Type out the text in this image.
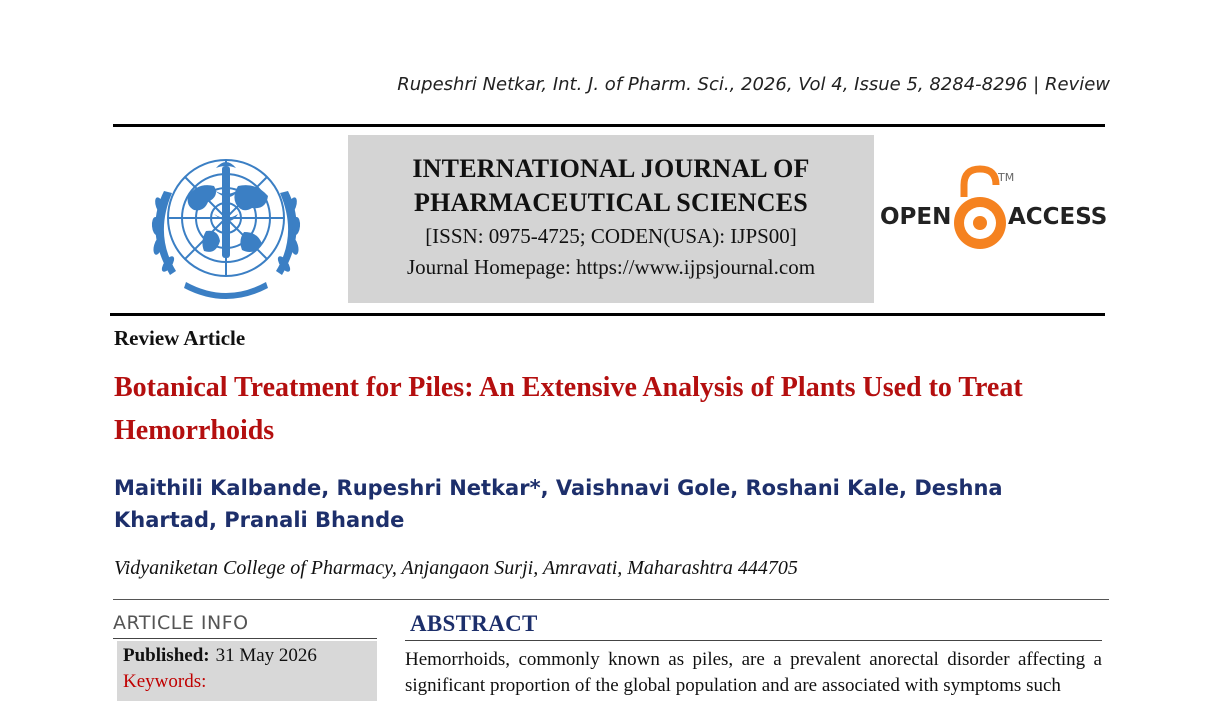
Rupeshri Netkar, Int. J. of Pharm. Sci., 2026, Vol 4, Issue 5, 8284-8296 | Review
INTERNATIONAL JOURNAL OF
PHARMACEUTICAL SCIENCES
[ISSN: 0975-4725; CODEN(USA): IJPS00]
Journal Homepage: https://www.ijpsjournal.com
OPEN
TM
ACCESS
Review Article
Botanical Treatment for Piles: An Extensive Analysis of Plants Used to Treat Hemorrhoids
Maithili Kalbande, Rupeshri Netkar*, Vaishnavi Gole, Roshani Kale, Deshna Khartad, Pranali Bhande
Vidyaniketan College of Pharmacy, Anjangaon Surji, Amravati, Maharashtra 444705
ARTICLE INFO
Published: 31 May 2026
Keywords:
ABSTRACT
Hemorrhoids, commonly known as piles, are a prevalent anorectal disorder affecting a significant proportion of the global population and are associated with symptoms such
